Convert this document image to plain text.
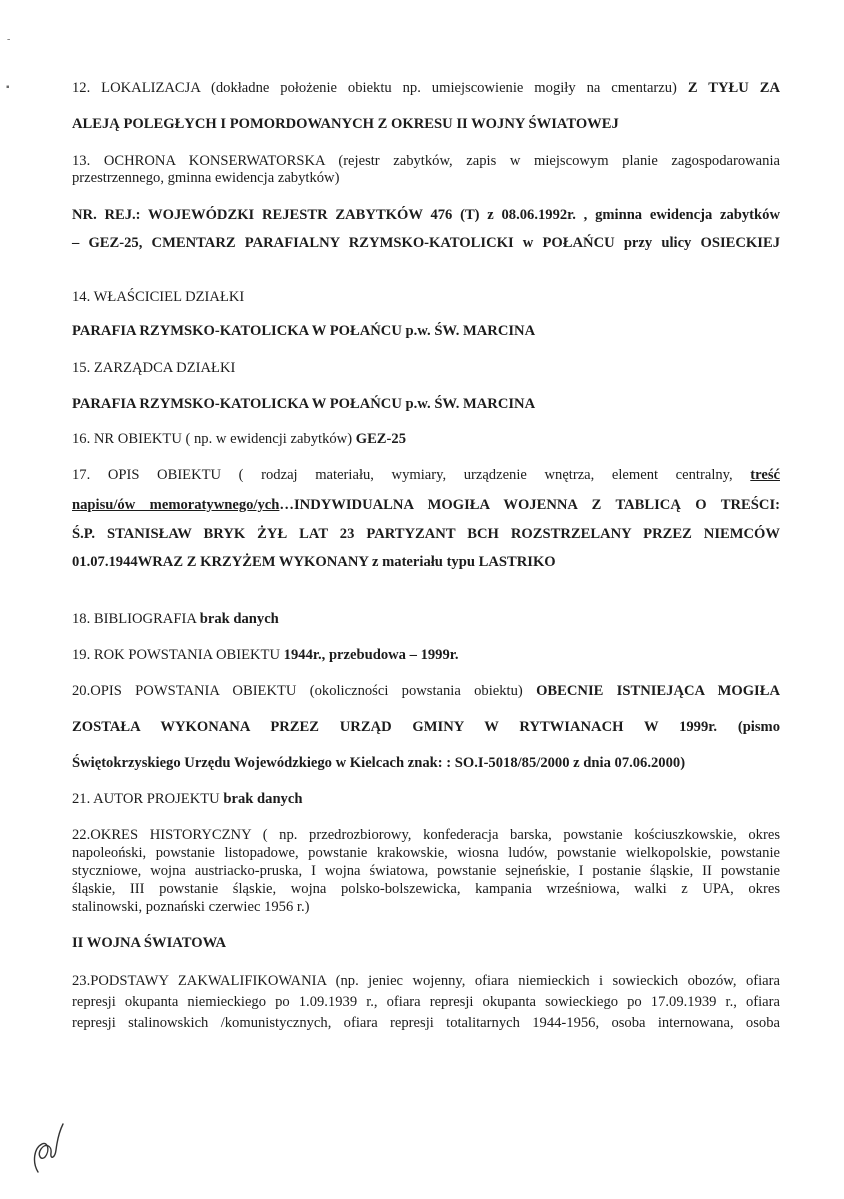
-
▪	12. LOKALIZACJA (dokładne położenie obiektu np. umiejscowienie mogiły na cmentarzu) Z TYŁU ZA
ALEJĄ POLEGŁYCH I POMORDOWANYCH Z OKRESU II WOJNY ŚWIATOWEJ
13. OCHRONA KONSERWATORSKA (rejestr zabytków, zapis w miejscowym planie zagospodarowania
przestrzennego, gminna ewidencja zabytków)
NR. REJ.: WOJEWÓDZKI REJESTR ZABYTKÓW 476 (T) z 08.06.1992r. , gminna ewidencja zabytków
– GEZ-25, CMENTARZ PARAFIALNY RZYMSKO-KATOLICKI w POŁAŃCU przy ulicy OSIECKIEJ
14. WŁAŚCICIEL DZIAŁKI
PARAFIA RZYMSKO-KATOLICKA W POŁAŃCU p.w. ŚW. MARCINA
15. ZARZĄDCA DZIAŁKI
PARAFIA RZYMSKO-KATOLICKA W POŁAŃCU p.w. ŚW. MARCINA
16. NR OBIEKTU ( np. w ewidencji zabytków) GEZ-25
17. OPIS OBIEKTU ( rodzaj materiału, wymiary, urządzenie wnętrza, element centralny, treść
napisu/ów memoratywnego/ych…INDYWIDUALNA MOGIŁA WOJENNA Z TABLICĄ O TREŚCI:
Ś.P. STANISŁAW BRYK ŻYŁ LAT 23 PARTYZANT BCH ROZSTRZELANY PRZEZ NIEMCÓW
01.07.1944WRAZ Z KRZYŻEM WYKONANY z materiału typu LASTRIKO
18. BIBLIOGRAFIA brak danych
19. ROK POWSTANIA OBIEKTU 1944r., przebudowa – 1999r.
20.OPIS POWSTANIA OBIEKTU (okoliczności powstania obiektu) OBECNIE ISTNIEJĄCA MOGIŁA
ZOSTAŁA WYKONANA PRZEZ URZĄD GMINY W RYTWIANACH W 1999r. (pismo
Świętokrzyskiego Urzędu Wojewódzkiego w Kielcach znak: : SO.I-5018/85/2000 z dnia 07.06.2000)
21. AUTOR PROJEKTU brak danych
22.OKRES HISTORYCZNY ( np. przedrozbiorowy, konfederacja barska, powstanie kościuszkowskie, okres
napoleoński, powstanie listopadowe, powstanie krakowskie, wiosna ludów, powstanie wielkopolskie, powstanie
styczniowe, wojna austriacko-pruska, I wojna światowa, powstanie sejneńskie, I postanie śląskie, II powstanie
śląskie, III powstanie śląskie, wojna polsko-bolszewicka, kampania wrześniowa, walki z UPA, okres
stalinowski, poznański czerwiec 1956 r.)
II WOJNA ŚWIATOWA
23.PODSTAWY ZAKWALIFIKOWANIA (np. jeniec wojenny, ofiara niemieckich i sowieckich obozów, ofiara
represji okupanta niemieckiego po 1.09.1939 r., ofiara represji okupanta sowieckiego po 17.09.1939 r., ofiara
represji stalinowskich /komunistycznych, ofiara represji totalitarnych 1944-1956, osoba internowana, osoba
